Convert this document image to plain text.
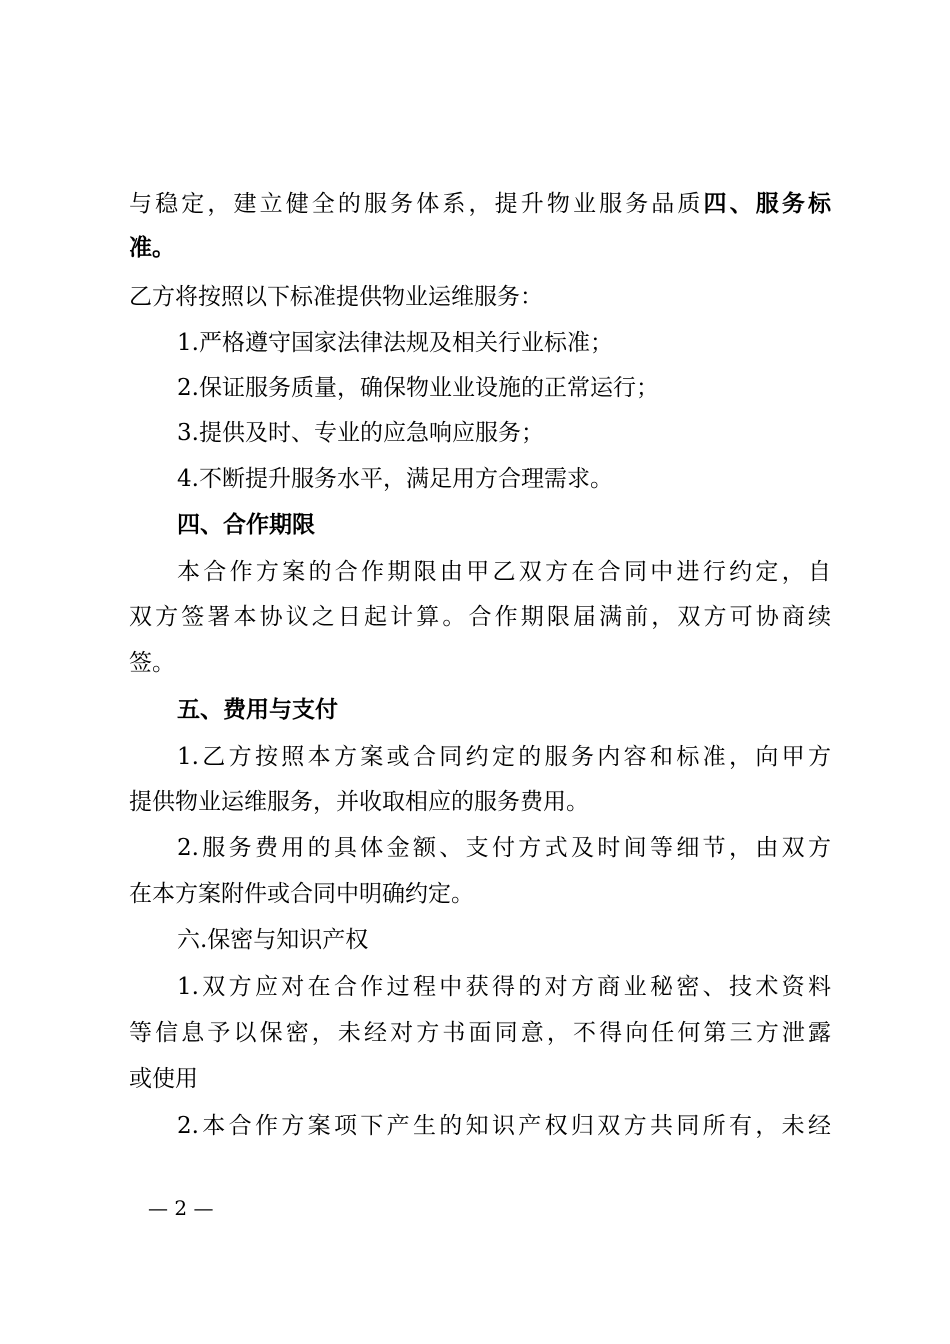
与稳定，建立健全的服务体系，提升物业服务品质四、服务标
准。
乙方将按照以下标准提供物业运维服务：
1.严格遵守国家法律法规及相关行业标准；
2.保证服务质量，确保物业业设施的正常运行；
3.提供及时、专业的应急响应服务；
4.不断提升服务水平，满足用方合理需求。
四、合作期限
本合作方案的合作期限由甲乙双方在合同中进行约定，自
双方签署本协议之日起计算。合作期限届满前，双方可协商续
签。
五、费用与支付
1.乙方按照本方案或合同约定的服务内容和标准，向甲方
提供物业运维服务，并收取相应的服务费用。
2.服务费用的具体金额、支付方式及时间等细节，由双方
在本方案附件或合同中明确约定。
六.保密与知识产权
1.双方应对在合作过程中获得的对方商业秘密、技术资料
等信息予以保密，未经对方书面同意，不得向任何第三方泄露
或使用
2.本合作方案项下产生的知识产权归双方共同所有，未经
— 2 —
